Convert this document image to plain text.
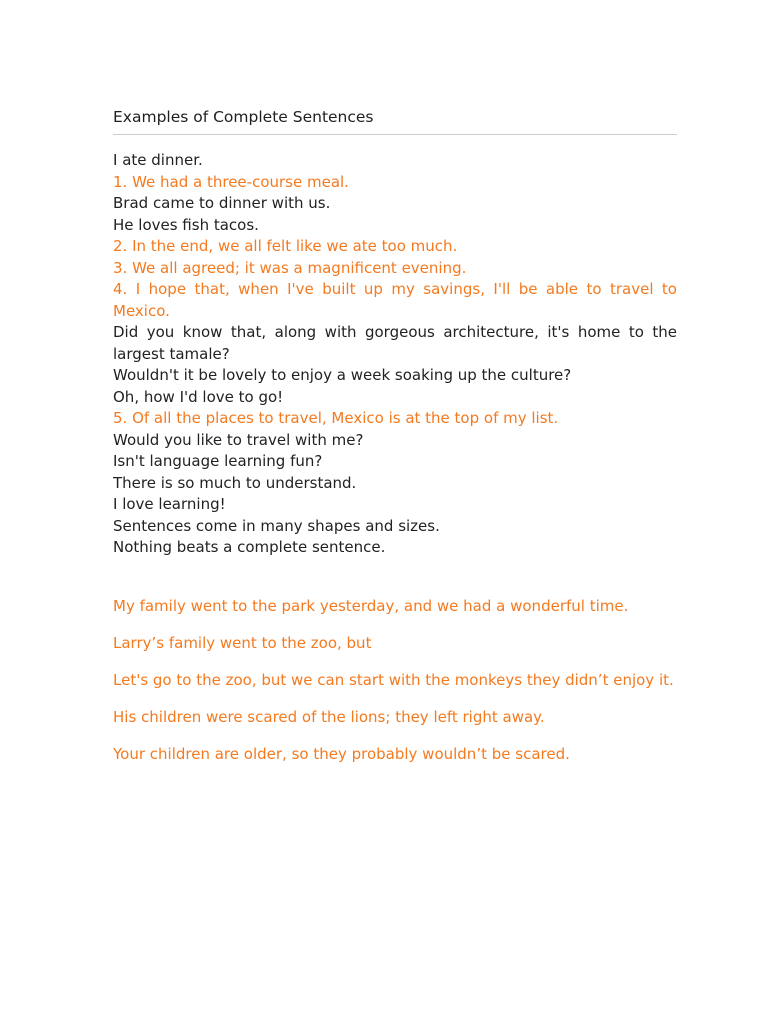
Examples of Complete Sentences

I ate dinner.

1. We had a three-course meal.

Brad came to dinner with us.

He loves fish tacos.

2. In the end, we all felt like we ate too much.

3. We all agreed; it was a magnificent evening.

4. I hope that, when I've built up my savings, I'll be able to travel to Mexico.

Did you know that, along with gorgeous architecture, it's home to the largest tamale?

Wouldn't it be lovely to enjoy a week soaking up the culture?

Oh, how I'd love to go!

5. Of all the places to travel, Mexico is at the top of my list.

Would you like to travel with me?

Isn't language learning fun?

There is so much to understand.

I love learning!

Sentences come in many shapes and sizes.

Nothing beats a complete sentence.

My family went to the park yesterday, and we had a wonderful time.

Larry’s family went to the zoo, but

Let's go to the zoo, but we can start with the monkeys they didn’t enjoy it.

His children were scared of the lions; they left right away.

Your children are older, so they probably wouldn’t be scared.
